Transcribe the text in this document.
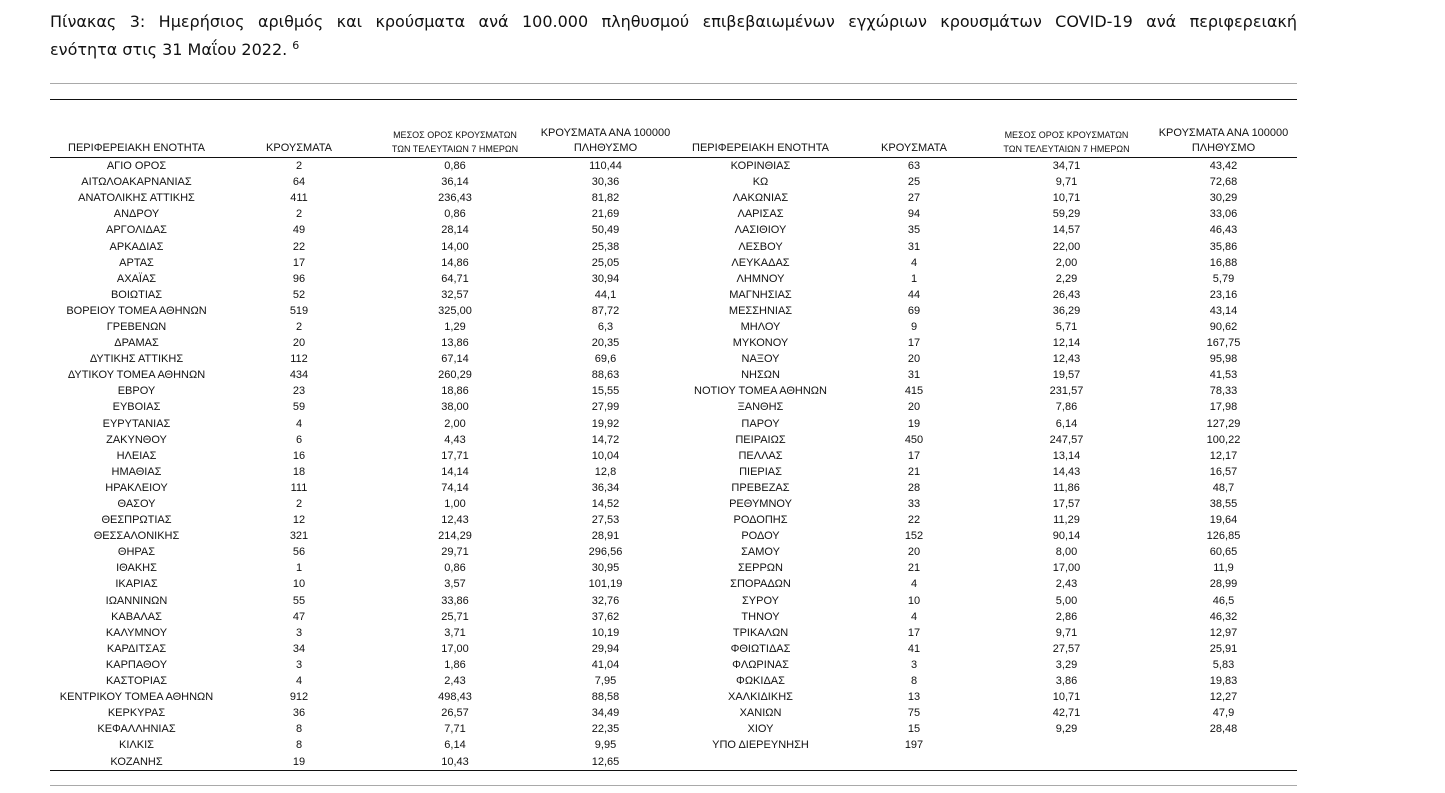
Πίνακας 3: Ημερήσιος αριθμός και κρούσματα ανά 100.000 πληθυσμού επιβεβαιωμένων εγχώριων κρουσμάτων COVID-19 ανά περιφερειακή
ενότητα στις 31 Μαΐου 2022. $^6$
ΠΕΡΙΦΕΡΕΙΑΚΗ ΕΝΟΤΗΤΑ	ΚΡΟΥΣΜΑΤΑ	ΜΕΣΟΣ ΟΡΟΣ ΚΡΟΥΣΜΑΤΩΝ
ΤΩΝ ΤΕΛΕΥΤΑΙΩΝ 7 ΗΜΕΡΩΝ	ΚΡΟΥΣΜΑΤΑ ΑΝΑ 100000
ΠΛΗΘΥΣΜΟ	ΠΕΡΙΦΕΡΕΙΑΚΗ ΕΝΟΤΗΤΑ	ΚΡΟΥΣΜΑΤΑ	ΜΕΣΟΣ ΟΡΟΣ ΚΡΟΥΣΜΑΤΩΝ
ΤΩΝ ΤΕΛΕΥΤΑΙΩΝ 7 ΗΜΕΡΩΝ	ΚΡΟΥΣΜΑΤΑ ΑΝΑ 100000
ΠΛΗΘΥΣΜΟ

ΑΓΙΟ ΟΡΟΣ	2	0,86	110,44	ΚΟΡΙΝΘΙΑΣ	63	34,71	43,42
ΑΙΤΩΛΟΑΚΑΡΝΑΝΙΑΣ	64	36,14	30,36	ΚΩ	25	9,71	72,68
ΑΝΑΤΟΛΙΚΗΣ ΑΤΤΙΚΗΣ	411	236,43	81,82	ΛΑΚΩΝΙΑΣ	27	10,71	30,29
ΑΝΔΡΟΥ	2	0,86	21,69	ΛΑΡΙΣΑΣ	94	59,29	33,06
ΑΡΓΟΛΙΔΑΣ	49	28,14	50,49	ΛΑΣΙΘΙΟΥ	35	14,57	46,43
ΑΡΚΑΔΙΑΣ	22	14,00	25,38	ΛΕΣΒΟΥ	31	22,00	35,86
ΑΡΤΑΣ	17	14,86	25,05	ΛΕΥΚΑΔΑΣ	4	2,00	16,88
ΑΧΑΪΑΣ	96	64,71	30,94	ΛΗΜΝΟΥ	1	2,29	5,79
ΒΟΙΩΤΙΑΣ	52	32,57	44,1	ΜΑΓΝΗΣΙΑΣ	44	26,43	23,16
ΒΟΡΕΙΟΥ ΤΟΜΕΑ ΑΘΗΝΩΝ	519	325,00	87,72	ΜΕΣΣΗΝΙΑΣ	69	36,29	43,14
ΓΡΕΒΕΝΩΝ	2	1,29	6,3	ΜΗΛΟΥ	9	5,71	90,62
ΔΡΑΜΑΣ	20	13,86	20,35	ΜΥΚΟΝΟΥ	17	12,14	167,75
ΔΥΤΙΚΗΣ ΑΤΤΙΚΗΣ	112	67,14	69,6	ΝΑΞΟΥ	20	12,43	95,98
ΔΥΤΙΚΟΥ ΤΟΜΕΑ ΑΘΗΝΩΝ	434	260,29	88,63	ΝΗΣΩΝ	31	19,57	41,53
ΕΒΡΟΥ	23	18,86	15,55	ΝΟΤΙΟΥ ΤΟΜΕΑ ΑΘΗΝΩΝ	415	231,57	78,33
ΕΥΒΟΙΑΣ	59	38,00	27,99	ΞΑΝΘΗΣ	20	7,86	17,98
ΕΥΡΥΤΑΝΙΑΣ	4	2,00	19,92	ΠΑΡΟΥ	19	6,14	127,29
ΖΑΚΥΝΘΟΥ	6	4,43	14,72	ΠΕΙΡΑΙΩΣ	450	247,57	100,22
ΗΛΕΙΑΣ	16	17,71	10,04	ΠΕΛΛΑΣ	17	13,14	12,17
ΗΜΑΘΙΑΣ	18	14,14	12,8	ΠΙΕΡΙΑΣ	21	14,43	16,57
ΗΡΑΚΛΕΙΟΥ	111	74,14	36,34	ΠΡΕΒΕΖΑΣ	28	11,86	48,7
ΘΑΣΟΥ	2	1,00	14,52	ΡΕΘΥΜΝΟΥ	33	17,57	38,55
ΘΕΣΠΡΩΤΙΑΣ	12	12,43	27,53	ΡΟΔΟΠΗΣ	22	11,29	19,64
ΘΕΣΣΑΛΟΝΙΚΗΣ	321	214,29	28,91	ΡΟΔΟΥ	152	90,14	126,85
ΘΗΡΑΣ	56	29,71	296,56	ΣΑΜΟΥ	20	8,00	60,65
ΙΘΑΚΗΣ	1	0,86	30,95	ΣΕΡΡΩΝ	21	17,00	11,9
ΙΚΑΡΙΑΣ	10	3,57	101,19	ΣΠΟΡΑΔΩΝ	4	2,43	28,99
ΙΩΑΝΝΙΝΩΝ	55	33,86	32,76	ΣΥΡΟΥ	10	5,00	46,5
ΚΑΒΑΛΑΣ	47	25,71	37,62	ΤΗΝΟΥ	4	2,86	46,32
ΚΑΛΥΜΝΟΥ	3	3,71	10,19	ΤΡΙΚΑΛΩΝ	17	9,71	12,97
ΚΑΡΔΙΤΣΑΣ	34	17,00	29,94	ΦΘΙΩΤΙΔΑΣ	41	27,57	25,91
ΚΑΡΠΑΘΟΥ	3	1,86	41,04	ΦΛΩΡΙΝΑΣ	3	3,29	5,83
ΚΑΣΤΟΡΙΑΣ	4	2,43	7,95	ΦΩΚΙΔΑΣ	8	3,86	19,83
ΚΕΝΤΡΙΚΟΥ ΤΟΜΕΑ ΑΘΗΝΩΝ	912	498,43	88,58	ΧΑΛΚΙΔΙΚΗΣ	13	10,71	12,27
ΚΕΡΚΥΡΑΣ	36	26,57	34,49	ΧΑΝΙΩΝ	75	42,71	47,9
ΚΕΦΑΛΛΗΝΙΑΣ	8	7,71	22,35	ΧΙΟΥ	15	9,29	28,48
ΚΙΛΚΙΣ	8	6,14	9,95	ΥΠΟ ΔΙΕΡΕΥΝΗΣΗ	197		
ΚΟΖΑΝΗΣ	19	10,43	12,65				
